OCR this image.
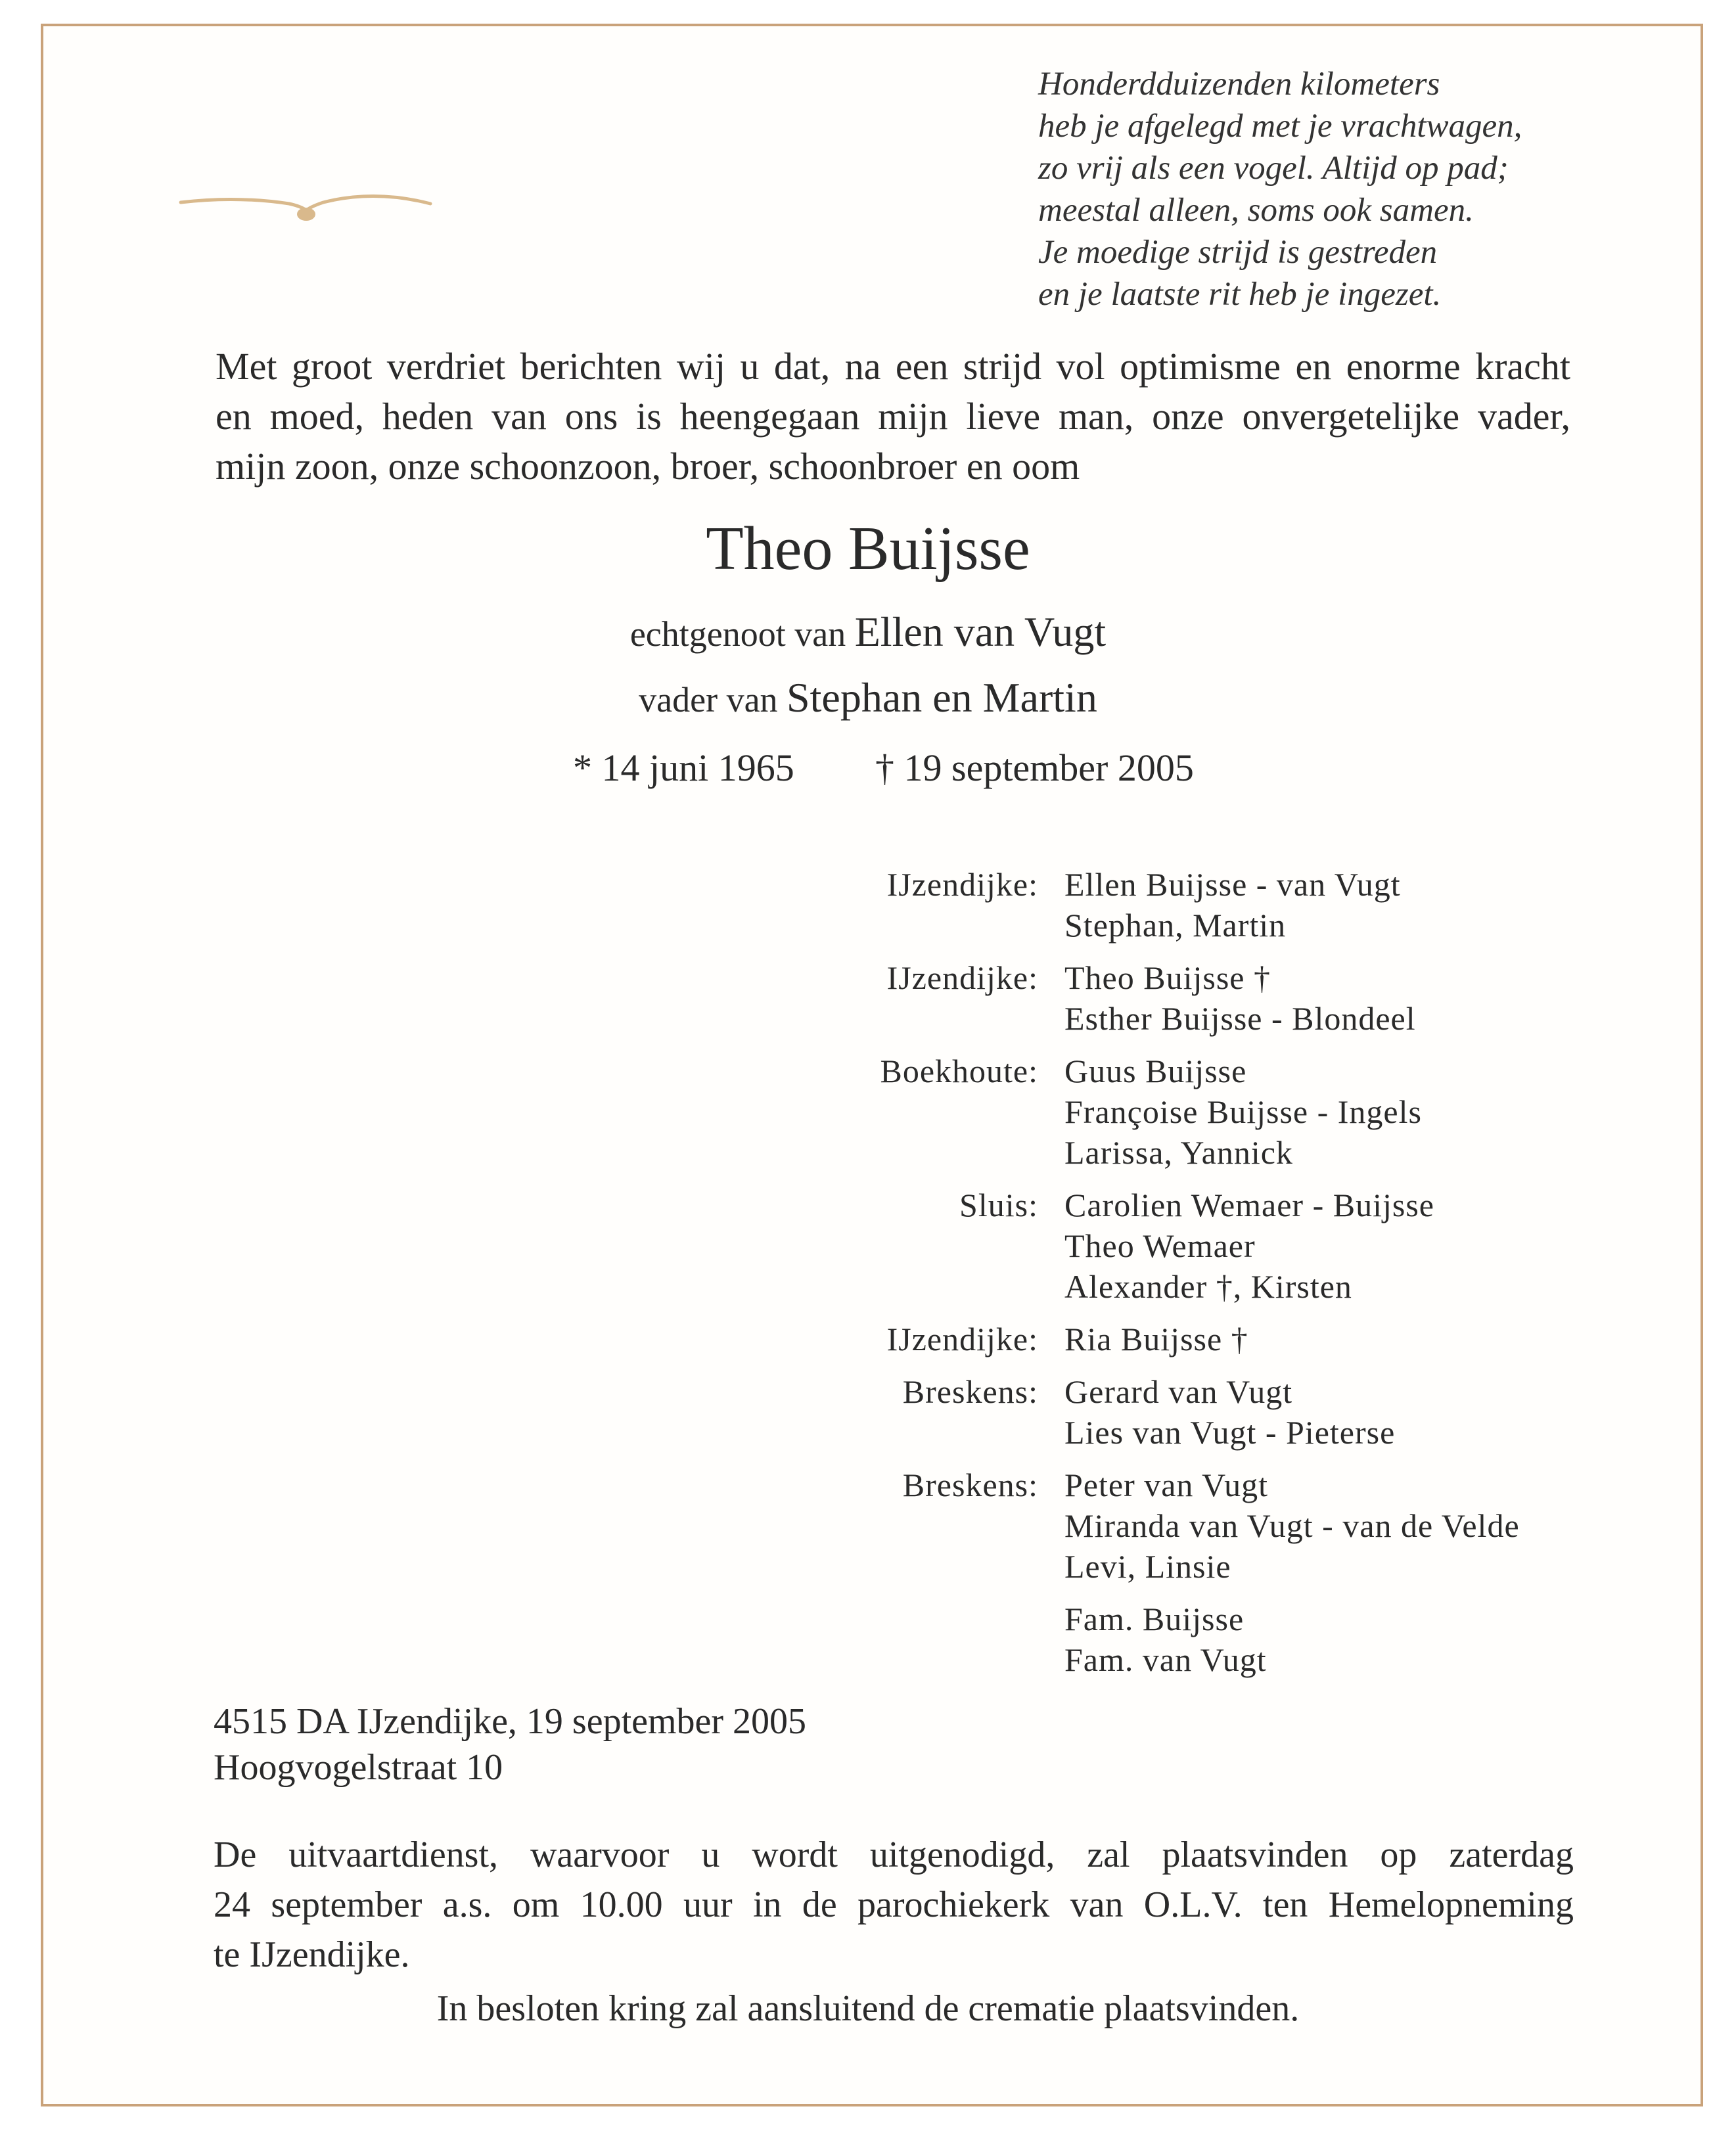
Honderdduizenden kilometers
heb je afgelegd met je vrachtwagen,
zo vrij als een vogel. Altijd op pad;
meestal alleen, soms ook samen.
Je moedige strijd is gestreden
en je laatste rit heb je ingezet.
Met groot verdriet berichten wij u dat, na een strijd vol optimisme en enorme kracht
en moed, heden van ons is heengegaan mijn lieve man, onze onvergetelijke vader,
mijn zoon, onze schoonzoon, broer, schoonbroer en oom
Theo Buijsse
echtgenoot van Ellen van Vugt
vader van Stephan en Martin
* 14 juni 1965 † 19 september 2005
IJzendijke: Ellen Buijsse - van Vugt
Stephan, Martin
IJzendijke: Theo Buijsse †
Esther Buijsse - Blondeel
Boekhoute: Guus Buijsse
Françoise Buijsse - Ingels
Larissa, Yannick
Sluis: Carolien Wemaer - Buijsse
Theo Wemaer
Alexander †, Kirsten
IJzendijke: Ria Buijsse †
Breskens: Gerard van Vugt
Lies van Vugt - Pieterse
Breskens: Peter van Vugt
Miranda van Vugt - van de Velde
Levi, Linsie
Fam. Buijsse
Fam. van Vugt
4515 DA IJzendijke, 19 september 2005
Hoogvogelstraat 10
De uitvaartdienst, waarvoor u wordt uitgenodigd, zal plaatsvinden op zaterdag
24 september a.s. om 10.00 uur in de parochiekerk van O.L.V. ten Hemelopneming
te IJzendijke.
In besloten kring zal aansluitend de crematie plaatsvinden.
